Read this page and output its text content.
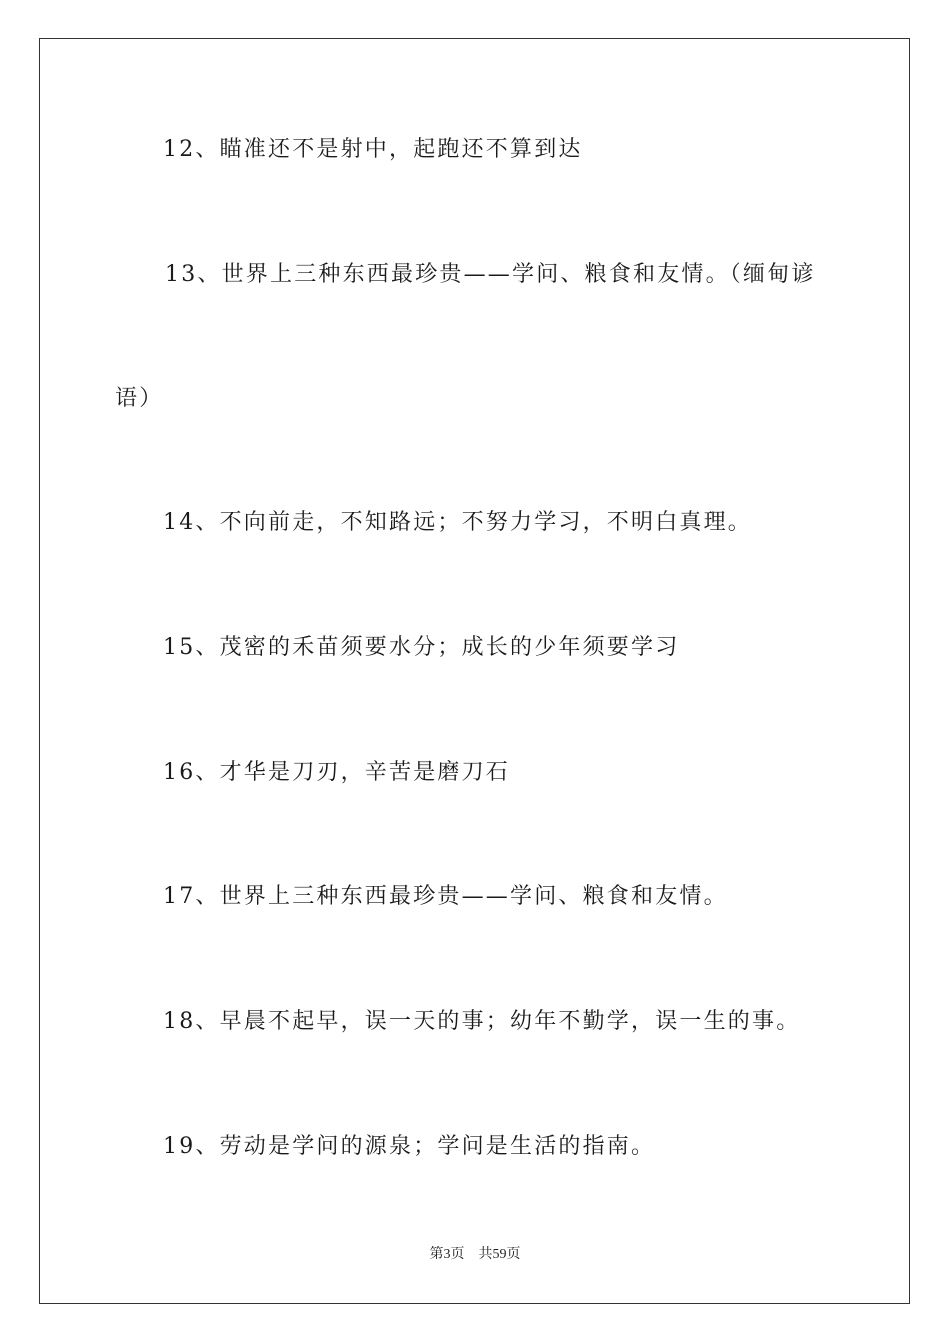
12、瞄准还不是射中，起跑还不算到达
13、世界上三种东西最珍贵——学问、粮食和友情。（缅甸谚
语）
14、不向前走，不知路远；不努力学习，不明白真理。
15、茂密的禾苗须要水分；成长的少年须要学习
16、才华是刀刃，辛苦是磨刀石
17、世界上三种东西最珍贵——学问、粮食和友情。
18、早晨不起早，误一天的事；幼年不勤学，误一生的事。
19、劳动是学问的源泉；学问是生活的指南。
第3页 共59页
